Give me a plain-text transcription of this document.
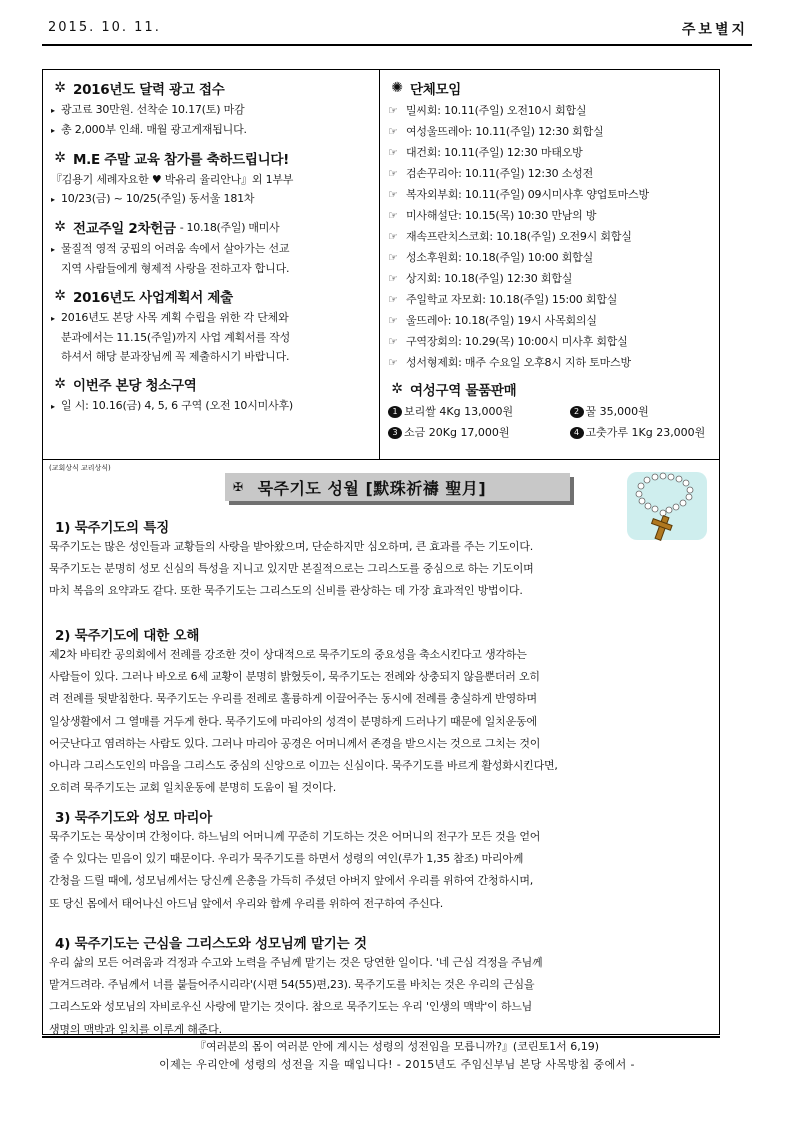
2015. 10. 11.	주보별지
✲ 2016년도 달력 광고 접수
▸ 광고료 30만원. 선착순 10.17(토) 마감
▸ 총 2,000부 인쇄. 매월 광고게재됩니다.
✲ M.E 주말 교육 참가를 축하드립니다!
『김용기 세례자요한 ♥ 박유리 율리안나』외 1부부
▸ 10/23(금) ~ 10/25(주일) 동서울 181차
✲ 전교주일 2차헌금 - 10.18(주일) 매미사
▸ 물질적 영적 궁핍의 어려움 속에서 살아가는 선교
지역 사람들에게 형제적 사랑을 전하고자 합니다.
✲ 2016년도 사업계획서 제출
▸ 2016년도 본당 사목 계획 수립을 위한 각 단체와
분과에서는 11.15(주일)까지 사업 계획서를 작성
하셔서 해당 분과장님께 꼭 제출하시기 바랍니다.
✲ 이번주 본당 청소구역
▸ 일 시: 10.16(금) 4, 5, 6 구역 (오전 10시미사후)
✺ 단체모임
☞ 밀씨회: 10.11(주일) 오전10시 회합실
☞ 여성울뜨레아: 10.11(주일) 12:30 회합실
☞ 대건회: 10.11(주일) 12:30 마태오방
☞ 검손꾸리아: 10.11(주일) 12:30 소성전
☞ 복자외부회: 10.11(주일) 09시미사후 양업토마스방
☞ 미사해설단: 10.15(목) 10:30 만남의 방
☞ 재속프란치스코회: 10.18(주일) 오전9시 회합실
☞ 성소후원회: 10.18(주일) 10:00 회합실
☞ 상지회: 10.18(주일) 12:30 회합실
☞ 주일학교 자모회: 10.18(주일) 15:00 회합실
☞ 울뜨레아: 10.18(주일) 19시 사목회의실
☞ 구역장회의: 10.29(목) 10:00시 미사후 회합실
☞ 성서형제회: 매주 수요일 오후8시 지하 토마스방
✲ 여성구역 물품판매
1 보리쌀 4Kg 13,000원	2 꿀 35,000원
3 소금 20Kg 17,000원	4 고춧가루 1Kg 23,000원
(교회상식 교리상식)
✠ 묵주기도 성월 [默珠祈禱 聖月]
1) 묵주기도의 특징
묵주기도는 많은 성인들과 교황들의 사랑을 받아왔으며, 단순하지만 심오하며, 큰 효과를 주는 기도이다.
묵주기도는 분명히 성모 신심의 특성을 지니고 있지만 본질적으로는 그리스도를 중심으로 하는 기도이며
마치 복음의 요약과도 같다. 또한 묵주기도는 그리스도의 신비를 관상하는 데 가장 효과적인 방법이다.
2) 묵주기도에 대한 오해
제2차 바티칸 공의회에서 전례를 강조한 것이 상대적으로 묵주기도의 중요성을 축소시킨다고 생각하는
사람들이 있다. 그러나 바오로 6세 교황이 분명히 밝혔듯이, 묵주기도는 전례와 상충되지 않을뿐더러 오히
려 전례를 뒷받침한다. 묵주기도는 우리를 전례로 훌륭하게 이끌어주는 동시에 전례를 충실하게 반영하며
일상생활에서 그 열매를 거두게 한다. 묵주기도에 마리아의 성격이 분명하게 드러나기 때문에 일치운동에
어긋난다고 염려하는 사람도 있다. 그러나 마리아 공경은 어머니께서 존경을 받으시는 것으로 그치는 것이
아니라 그리스도인의 마음을 그리스도 중심의 신앙으로 이끄는 신심이다. 묵주기도를 바르게 활성화시킨다면,
오히려 묵주기도는 교회 일치운동에 분명히 도움이 될 것이다.
3) 묵주기도와 성모 마리아
묵주기도는 묵상이며 간청이다. 하느님의 어머니께 꾸준히 기도하는 것은 어머니의 전구가 모든 것을 얻어
줄 수 있다는 믿음이 있기 때문이다. 우리가 묵주기도를 하면서 성령의 여인(루가 1,35 참조) 마리아께
간청을 드릴 때에, 성모님께서는 당신께 은총을 가득히 주셨던 아버지 앞에서 우리를 위하여 간청하시며,
또 당신 몸에서 태어나신 아드님 앞에서 우리와 함께 우리를 위하여 전구하여 주신다.
4) 묵주기도는 근심을 그리스도와 성모님께 맡기는 것
우리 삶의 모든 어려움과 걱정과 수고와 노력을 주님께 맡기는 것은 당연한 일이다. '네 근심 걱정을 주님께
맡겨드려라. 주님께서 너를 붙들어주시리라'(시편 54(55)편,23). 묵주기도를 바치는 것은 우리의 근심을
그리스도와 성모님의 자비로우신 사랑에 맡기는 것이다. 참으로 묵주기도는 우리 '인생의 맥박'이 하느님
생명의 맥박과 일치를 이루게 해준다.
『여러분의 몸이 여러분 안에 계시는 성령의 성전임을 모릅니까?』(코린토1서 6,19)
이제는 우리안에 성령의 성전을 지을 때입니다! - 2015년도 주임신부님 본당 사목방침 중에서 -
